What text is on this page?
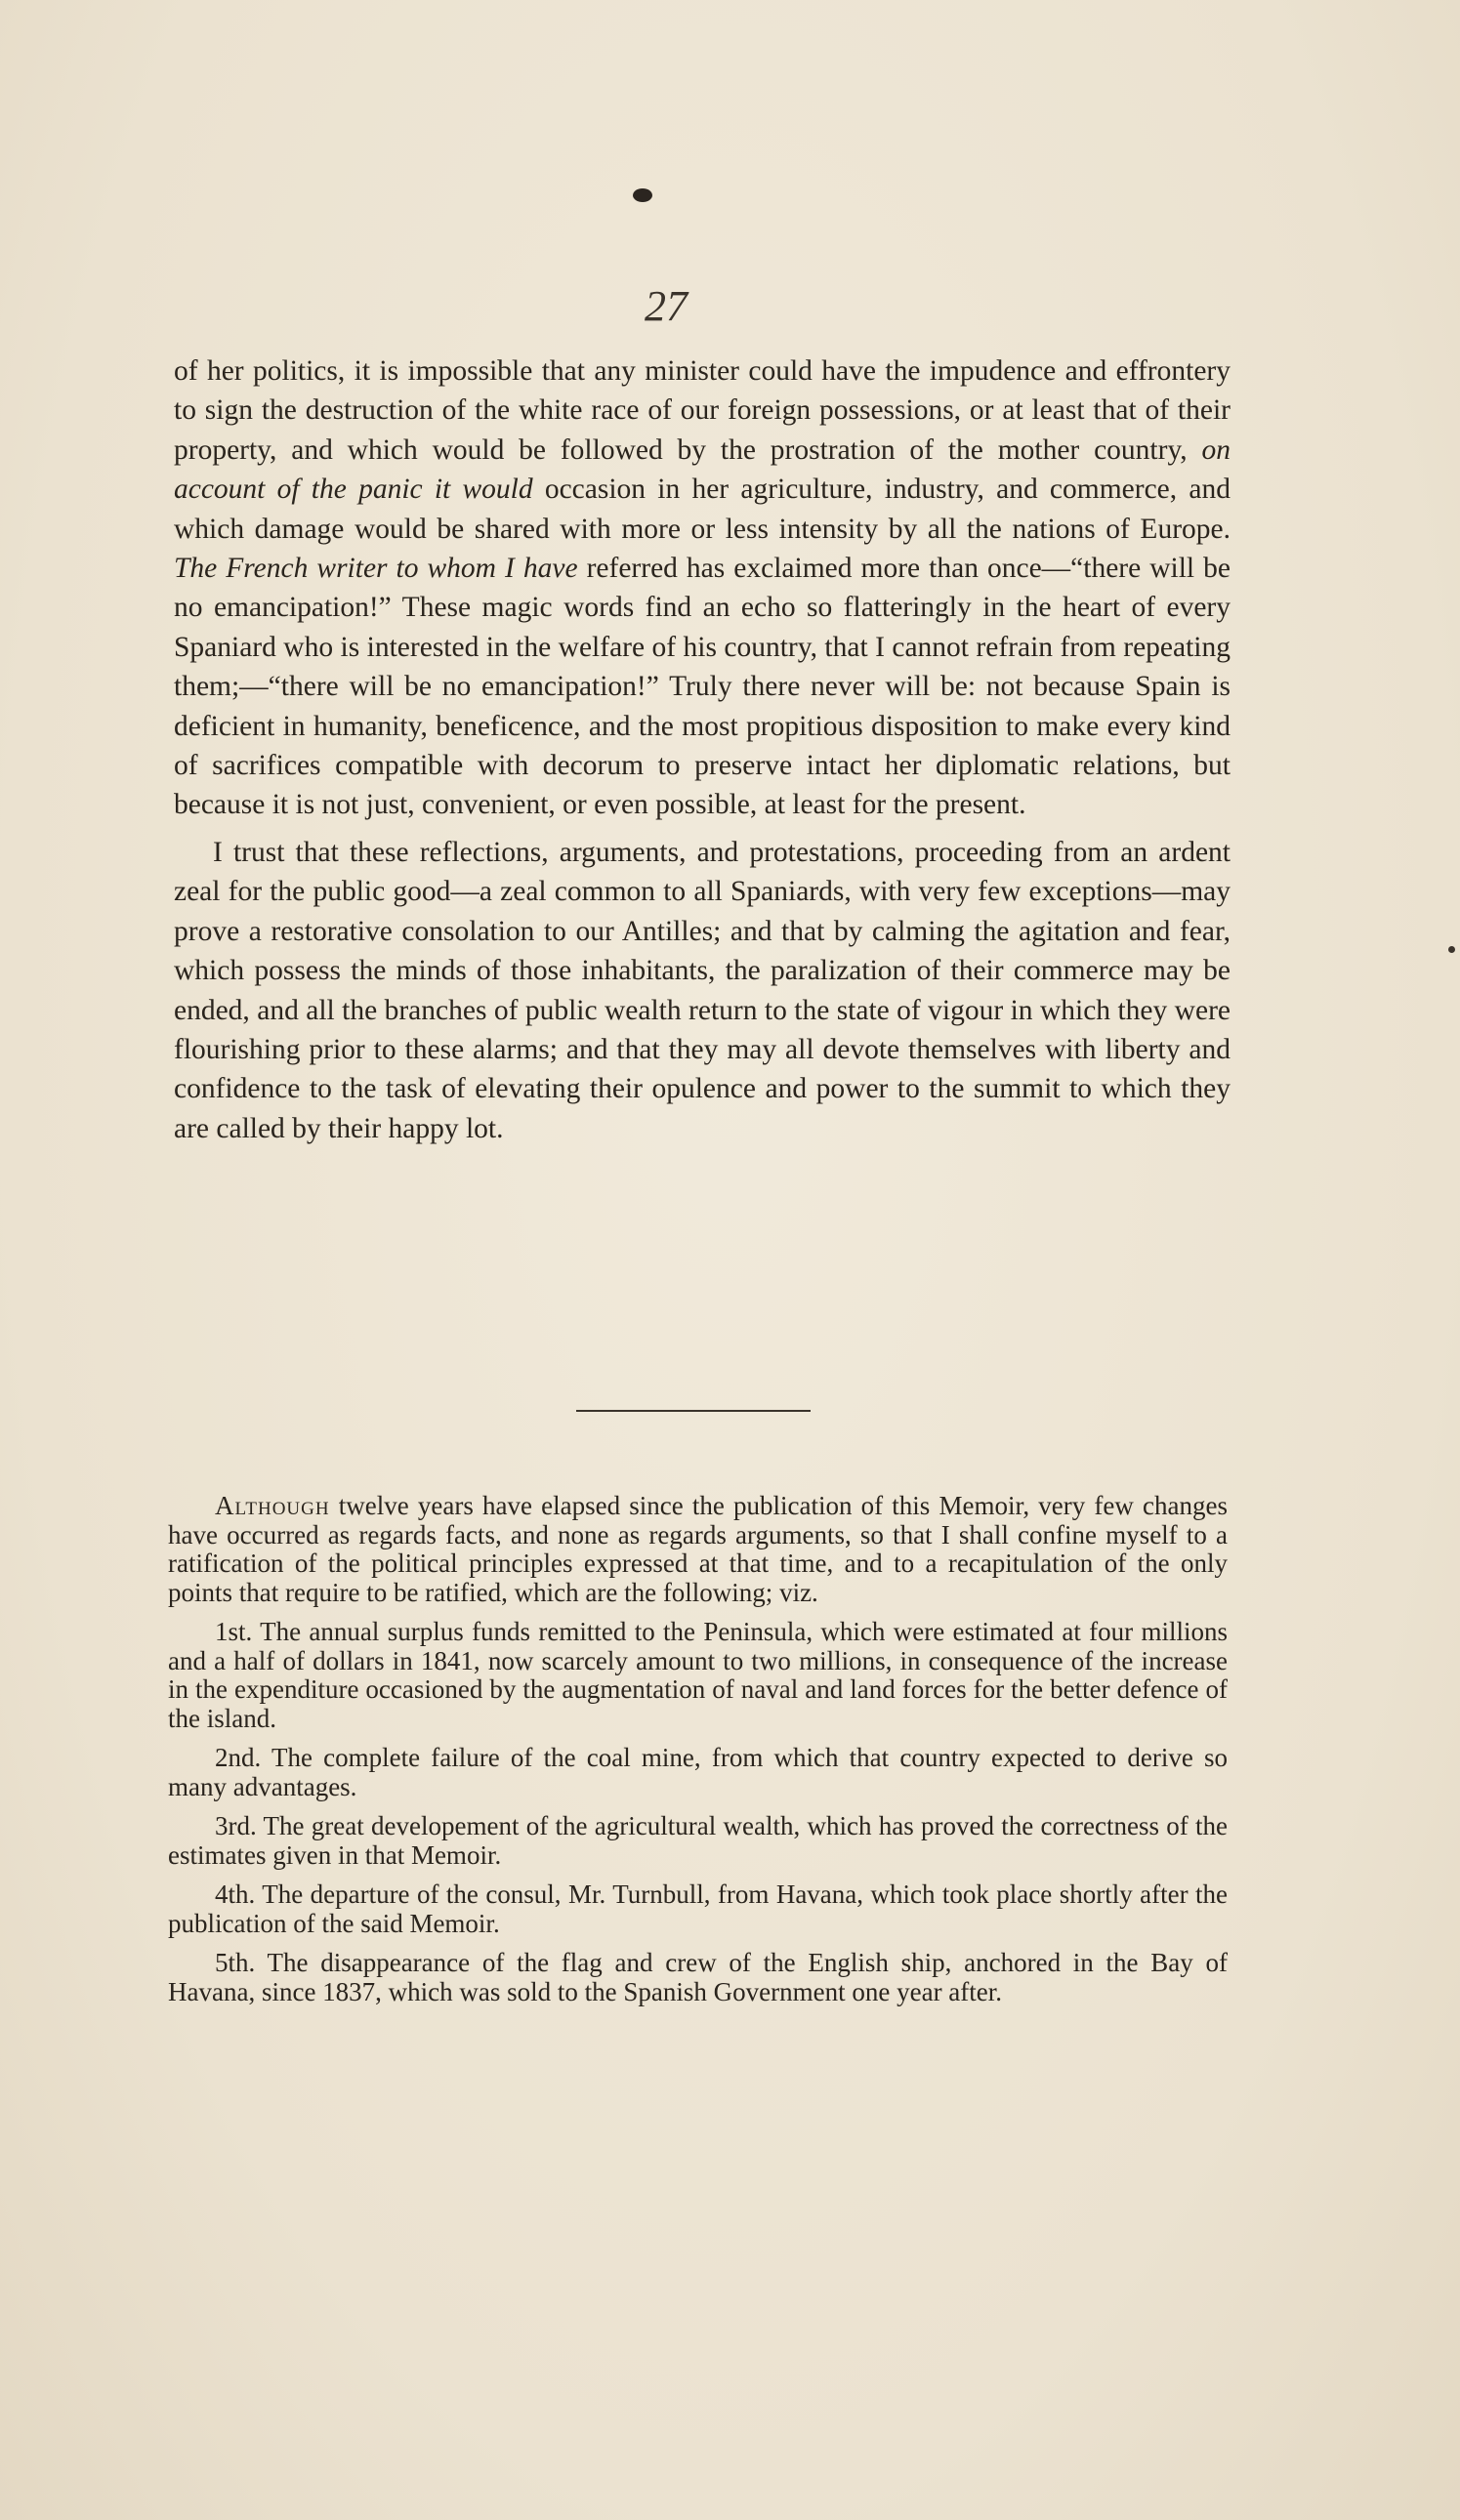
27

of her politics, it is impossible that any minister could have the impudence and effrontery to sign the destruction of the white race of our foreign possessions, or at least that of their property, and which would be followed by the prostration of the mother country, on account of the panic it would occasion in her agriculture, industry, and commerce, and which damage would be shared with more or less intensity by all the nations of Europe. The French writer to whom I have referred has exclaimed more than once—“there will be no emancipation!” These magic words find an echo so flatteringly in the heart of every Spaniard who is interested in the welfare of his country, that I cannot refrain from repeating them;—“there will be no emancipation!” Truly there never will be: not because Spain is deficient in humanity, beneficence, and the most propitious disposition to make every kind of sacrifices compatible with decorum to preserve intact her diplomatic relations, but because it is not just, convenient, or even possible, at least for the present.

I trust that these reflections, arguments, and protestations, proceeding from an ardent zeal for the public good—a zeal common to all Spaniards, with very few exceptions—may prove a restorative consolation to our Antilles; and that by calming the agitation and fear, which possess the minds of those inhabitants, the paralization of their commerce may be ended, and all the branches of public wealth return to the state of vigour in which they were flourishing prior to these alarms; and that they may all devote themselves with liberty and confidence to the task of elevating their opulence and power to the summit to which they are called by their happy lot.

Although twelve years have elapsed since the publication of this Memoir, very few changes have occurred as regards facts, and none as regards arguments, so that I shall confine myself to a ratification of the political principles expressed at that time, and to a recapitulation of the only points that require to be ratified, which are the following; viz.

1st. The annual surplus funds remitted to the Peninsula, which were estimated at four millions and a half of dollars in 1841, now scarcely amount to two millions, in consequence of the increase in the expenditure occasioned by the augmentation of naval and land forces for the better defence of the island.

2nd. The complete failure of the coal mine, from which that country expected to derive so many advantages.

3rd. The great developement of the agricultural wealth, which has proved the correctness of the estimates given in that Memoir.

4th. The departure of the consul, Mr. Turnbull, from Havana, which took place shortly after the publication of the said Memoir.

5th. The disappearance of the flag and crew of the English ship, anchored in the Bay of Havana, since 1837, which was sold to the Spanish Government one year after.
